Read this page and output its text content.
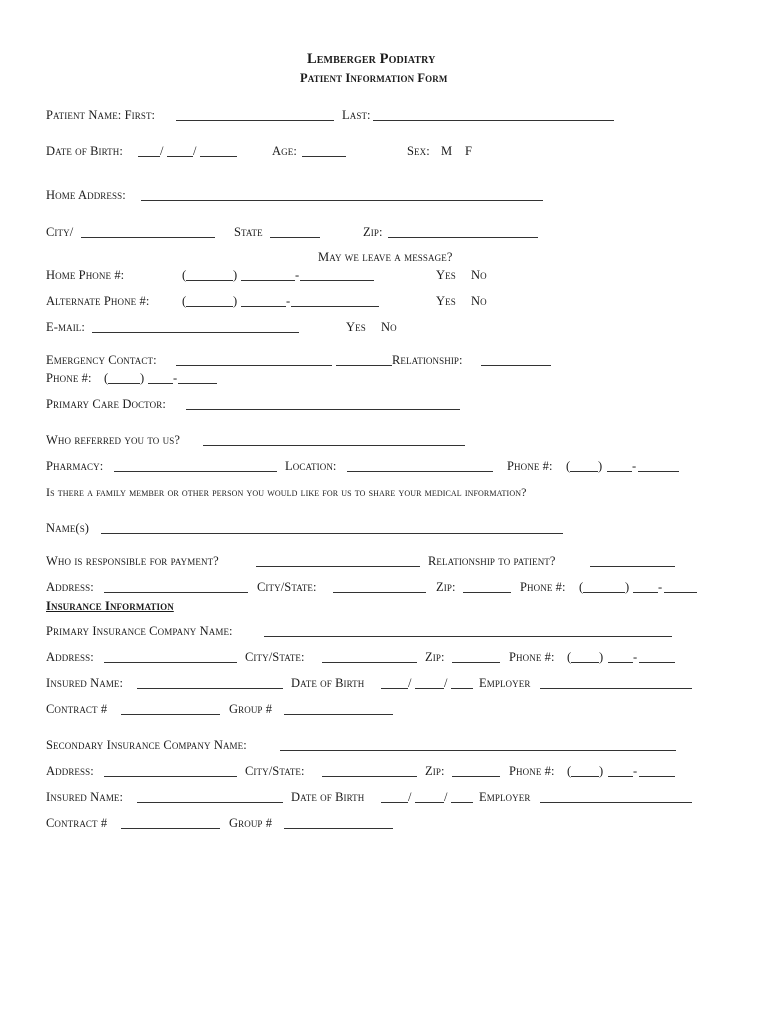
Lemberger Podiatry
Patient Information Form
Patient Name: First:	Last:
Date of Birth:	/ /	Age:	Sex: M F
Home Address:
City/	State	Zip:
May we leave a message?
Home Phone #:	(	)	-	Yes No
Alternate Phone #:	(	)	-	Yes No
E-mail:	Yes No
Emergency Contact:	Relationship:
Phone #: (	) -
Primary Care Doctor:
Who referred you to us?
Pharmacy:	Location:	Phone #: ( ) -
Is there a family member or other person you would like for us to share your medical information?
Name(s)
Who is responsible for payment?	Relationship to patient?
Address:	City/State:	Zip:	Phone #: (	) -
Insurance Information
Primary Insurance Company Name:
Address:	City/State:	Zip:	Phone #: ( ) -
Insured Name:	Date of Birth	/	/	Employer
Contract #	Group #
Secondary Insurance Company Name:
Address:	City/State:	Zip:	Phone #: ( ) -
Insured Name:	Date of Birth	/	/	Employer
Contract #	Group #
